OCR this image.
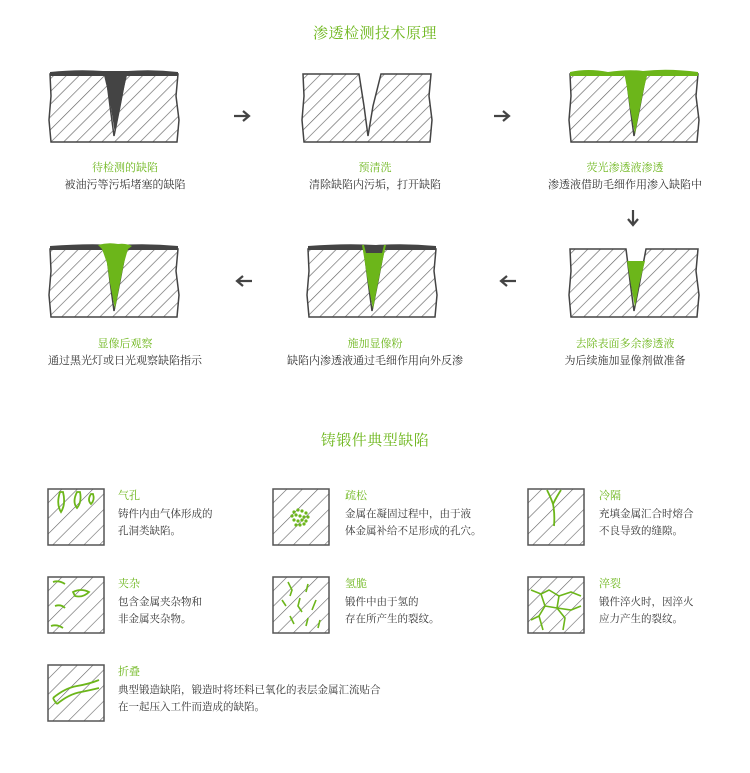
渗透检测技术原理
待检测的缺陷
被油污等污垢堵塞的缺陷
预清洗
清除缺陷内污垢，打开缺陷
荧光渗透液渗透
渗透液借助毛细作用渗入缺陷中
去除表面多余渗透液
为后续施加显像剂做准备
施加显像粉
缺陷内渗透液通过毛细作用向外反渗
显像后观察
通过黑光灯或日光观察缺陷指示
铸锻件典型缺陷
气孔
铸件内由气体形成的
孔洞类缺陷。
疏松
金属在凝固过程中，由于液
体金属补给不足形成的孔穴。
冷隔
充填金属汇合时熔合
不良导致的缝隙。
夹杂
包含金属夹杂物和
非金属夹杂物。
氢脆
锻件中由于氢的
存在所产生的裂纹。
淬裂
锻件淬火时，因淬火
应力产生的裂纹。
折叠
典型锻造缺陷，锻造时将坯料已氧化的表层金属汇流贴合
在一起压入工件而造成的缺陷。
